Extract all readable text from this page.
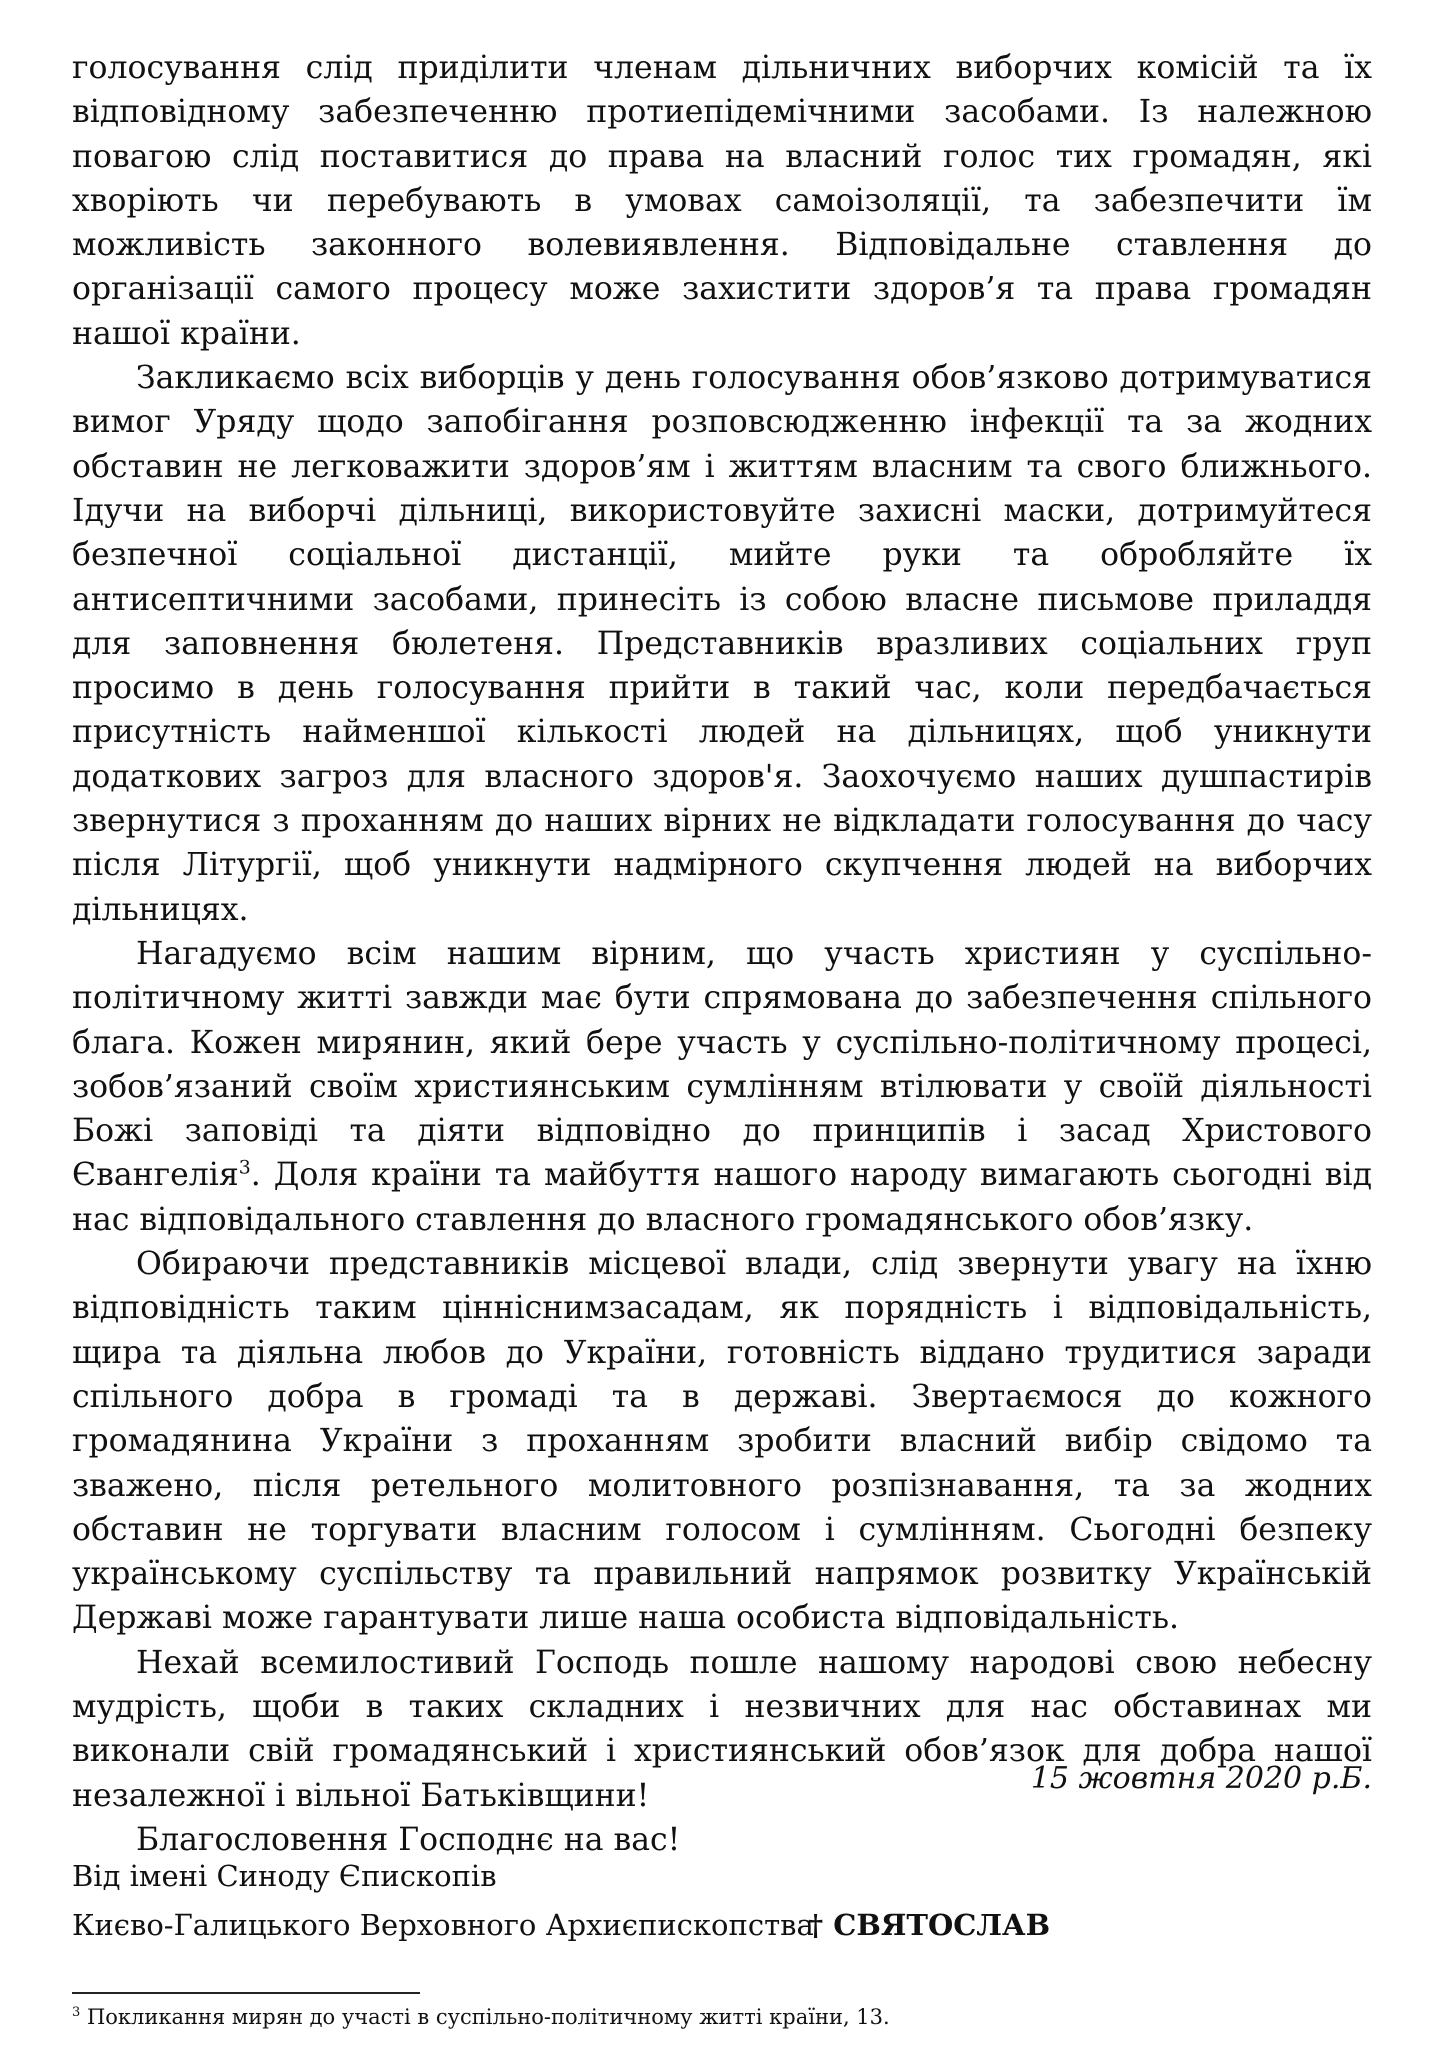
голосування слід приділити членам дільничних виборчих комісій та їх відповідному забезпеченню протиепідемічними засобами. Із належною повагою слід поставитися до права на власний голос тих громадян, які хворіють чи перебувають в умовах самоізоляції, та забезпечити їм можливість законного волевиявлення. Відповідальне ставлення до організації самого процесу може захистити здоров’я та права громадян нашої країни.

Закликаємо всіх виборців у день голосування обов’язково дотримуватися вимог Уряду щодо запобігання розповсюдженню інфекції та за жодних обставин не легковажити здоров’ям і життям власним та свого ближнього. Ідучи на виборчі дільниці, використовуйте захисні маски, дотримуйтеся безпечної соціальної дистанції, мийте руки та обробляйте їх антисептичними засобами, принесіть із собою власне письмове приладдя для заповнення бюлетеня. Представників вразливих соціальних груп просимо в день голосування прийти в такий час, коли передбачається присутність найменшої кількості людей на дільницях, щоб уникнути додаткових загроз для власного здоров'я. Заохочуємо наших душпастирів звернутися з проханням до наших вірних не відкладати голосування до часу після Літургії, щоб уникнути надмірного скупчення людей на виборчих дільницях.

Нагадуємо всім нашим вірним, що участь християн у суспільно-політичному житті завжди має бути спрямована до забезпечення спільного блага. Кожен мирянин, який бере участь у суспільно-політичному процесі, зобов’язаний своїм християнським сумлінням втілювати у своїй діяльності Божі заповіді та діяти відповідно до принципів і засад Христового Євангелія$^3$. Доля країни та майбуття нашого народу вимагають сьогодні від нас відповідального ставлення до власного громадянського обов’язку.

Обираючи представників місцевої влади, слід звернути увагу на їхню відповідність таким цінніснимзасадам, як порядність і відповідальність, щира та діяльна любов до України, готовність віддано трудитися заради спільного добра в громаді та в державі. Звертаємося до кожного громадянина України з проханням зробити власний вибір свідомо та зважено, після ретельного молитовного розпізнавання, та за жодних обставин не торгувати власним голосом і сумлінням. Сьогодні безпеку українському суспільству та правильний напрямок розвитку Українській Державі може гарантувати лише наша особиста відповідальність.

Нехай всемилостивий Господь пошле нашому народові свою небесну мудрість, щоби в таких складних і незвичних для нас обставинах ми виконали свій громадянський і християнський обов’язок для добра нашої незалежної і вільної Батьківщини!

Благословення Господнє на вас!

15 жовтня 2020 р.Б.
Від імені Синоду Єпископів
Києво-Галицького Верховного Архиєпископства
† СВЯТОСЛАВ
$^3$ Покликання мирян до участі в суспільно-політичному житті країни, 13.
